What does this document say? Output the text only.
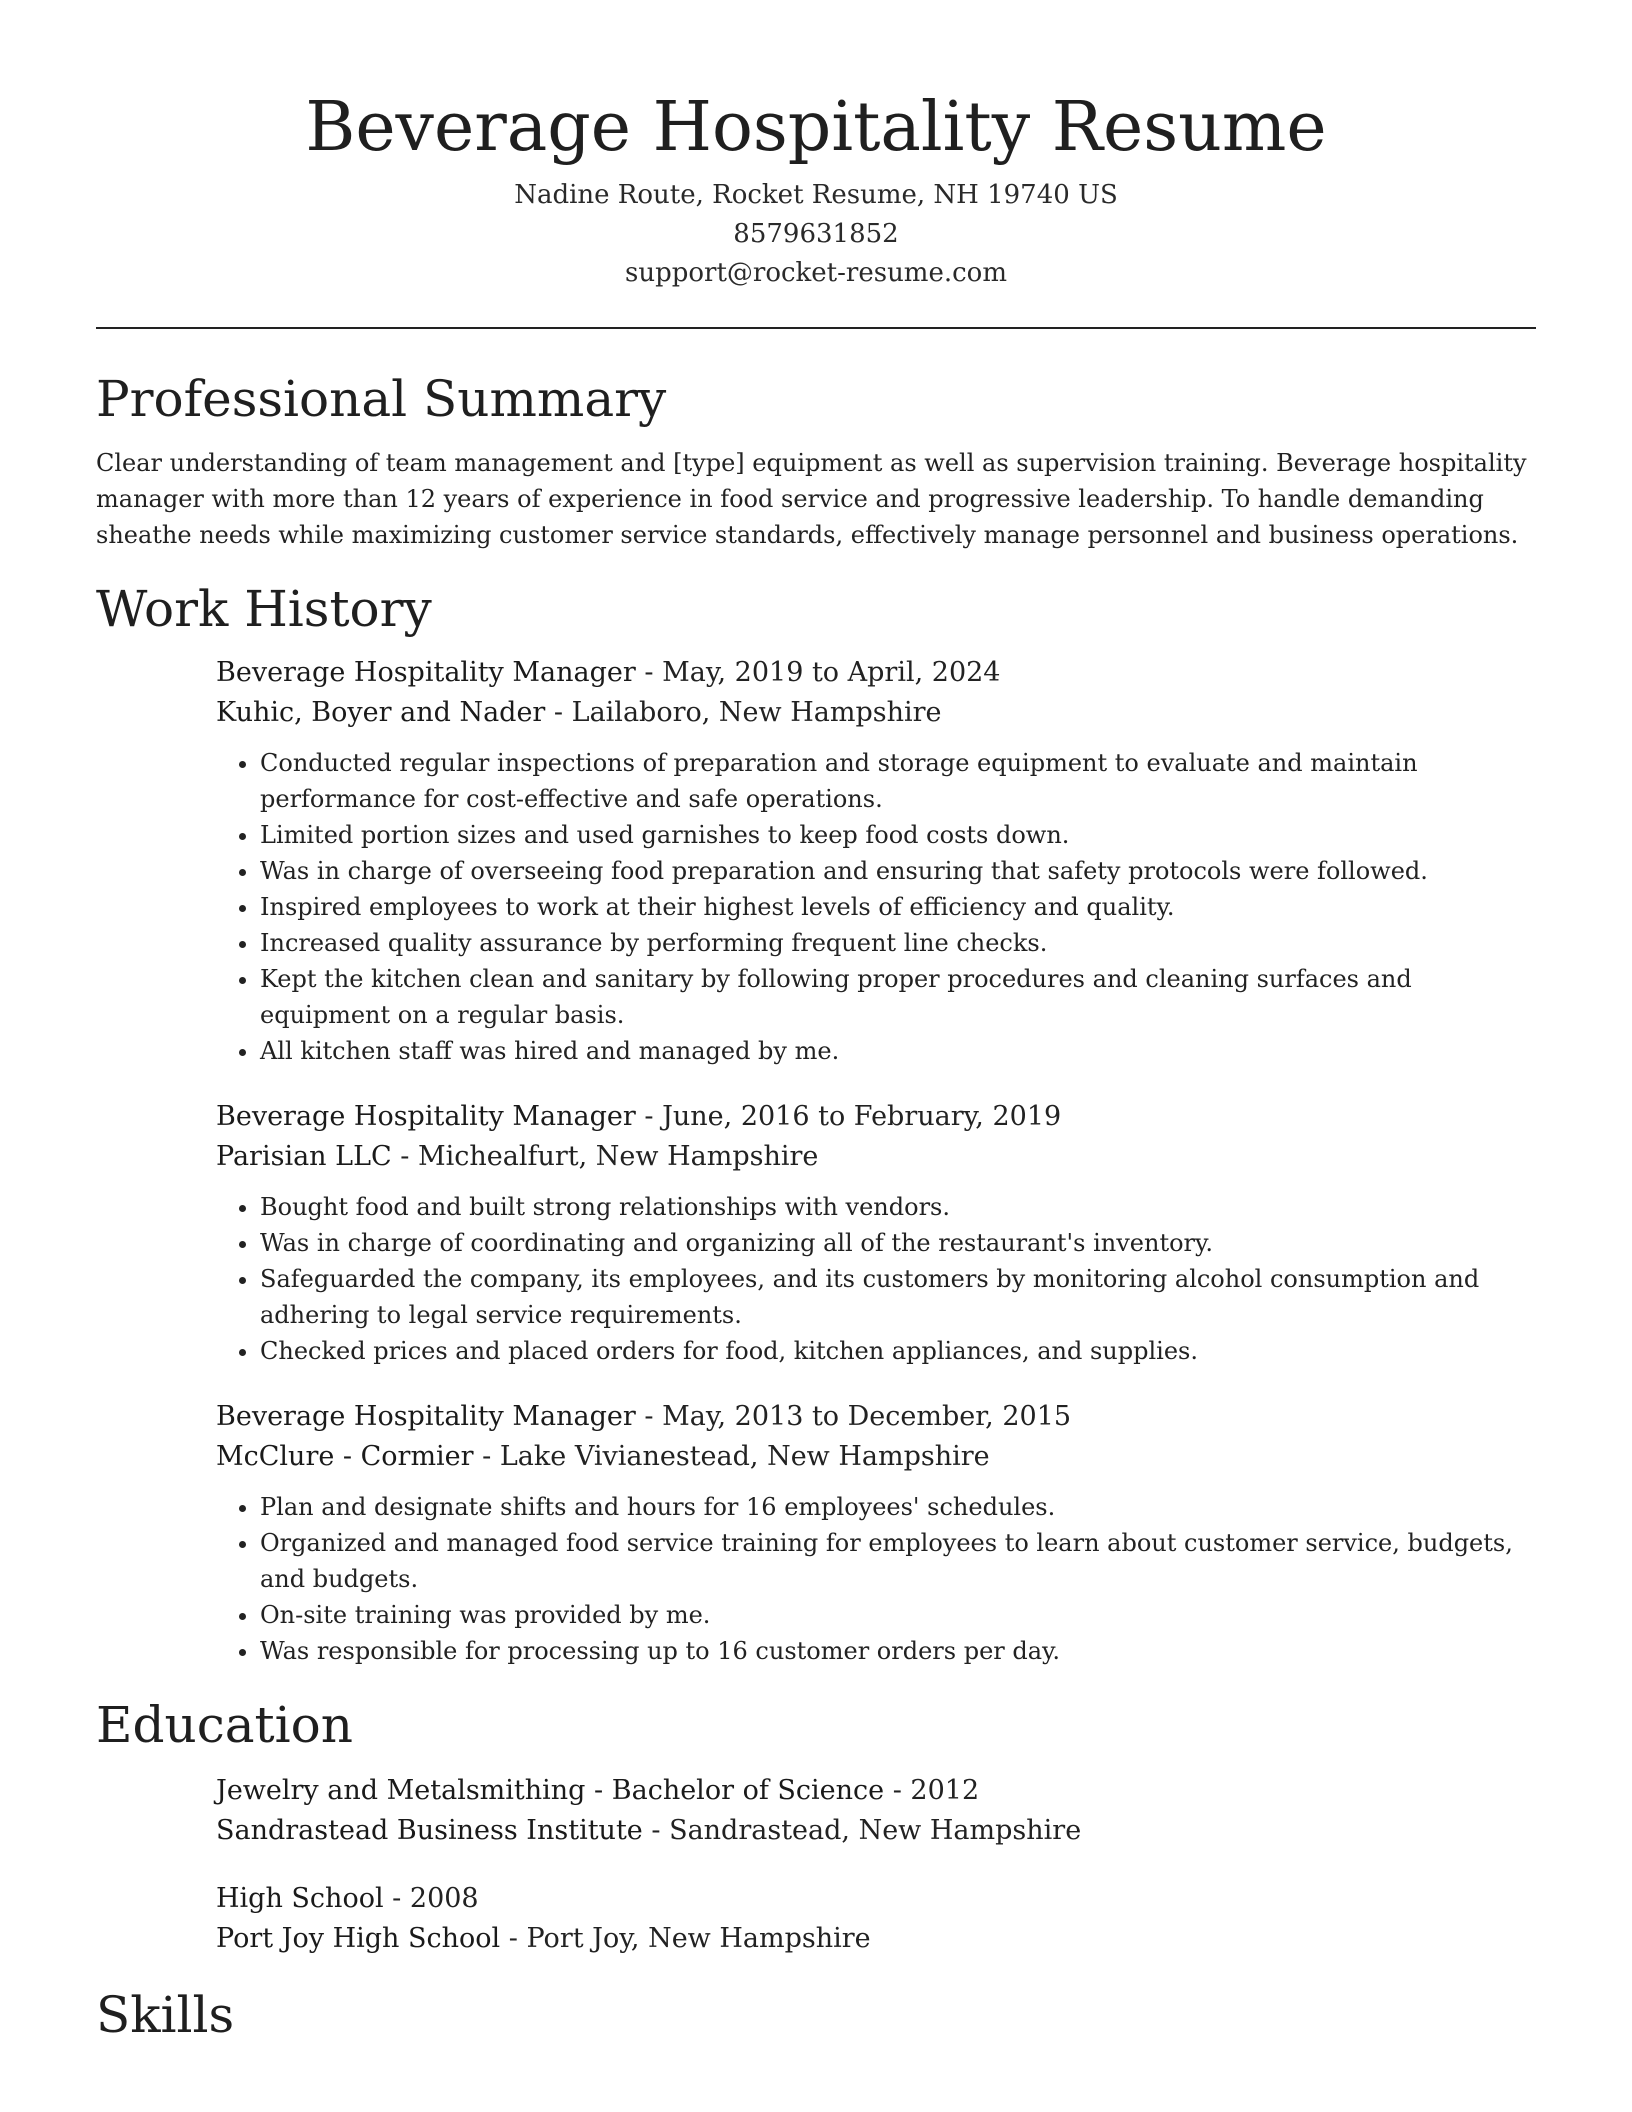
Beverage Hospitality Resume
Nadine Route, Rocket Resume, NH 19740 US
8579631852
support@rocket-resume.com
Professional Summary

Clear understanding of team management and [type] equipment as well as supervision training. Beverage hospitality manager with more than 12 years of experience in food service and progressive leadership. To handle demanding sheathe needs while maximizing customer service standards, effectively manage personnel and business operations.

Work History
Beverage Hospitality Manager - May, 2019 to April, 2024
Kuhic, Boyer and Nader - Lailaboro, New Hampshire
• Conducted regular inspections of preparation and storage equipment to evaluate and maintain performance for cost-effective and safe operations.
• Limited portion sizes and used garnishes to keep food costs down.
• Was in charge of overseeing food preparation and ensuring that safety protocols were followed.
• Inspired employees to work at their highest levels of efficiency and quality.
• Increased quality assurance by performing frequent line checks.
• Kept the kitchen clean and sanitary by following proper procedures and cleaning surfaces and equipment on a regular basis.
• All kitchen staff was hired and managed by me.
Beverage Hospitality Manager - June, 2016 to February, 2019
Parisian LLC - Michealfurt, New Hampshire
• Bought food and built strong relationships with vendors.
• Was in charge of coordinating and organizing all of the restaurant's inventory.
• Safeguarded the company, its employees, and its customers by monitoring alcohol consumption and adhering to legal service requirements.
• Checked prices and placed orders for food, kitchen appliances, and supplies.
Beverage Hospitality Manager - May, 2013 to December, 2015
McClure - Cormier - Lake Vivianestead, New Hampshire
• Plan and designate shifts and hours for 16 employees' schedules.
• Organized and managed food service training for employees to learn about customer service, budgets, and budgets.
• On-site training was provided by me.
• Was responsible for processing up to 16 customer orders per day.
Education
Jewelry and Metalsmithing - Bachelor of Science - 2012
Sandrastead Business Institute - Sandrastead, New Hampshire
High School - 2008
Port Joy High School - Port Joy, New Hampshire
Skills
